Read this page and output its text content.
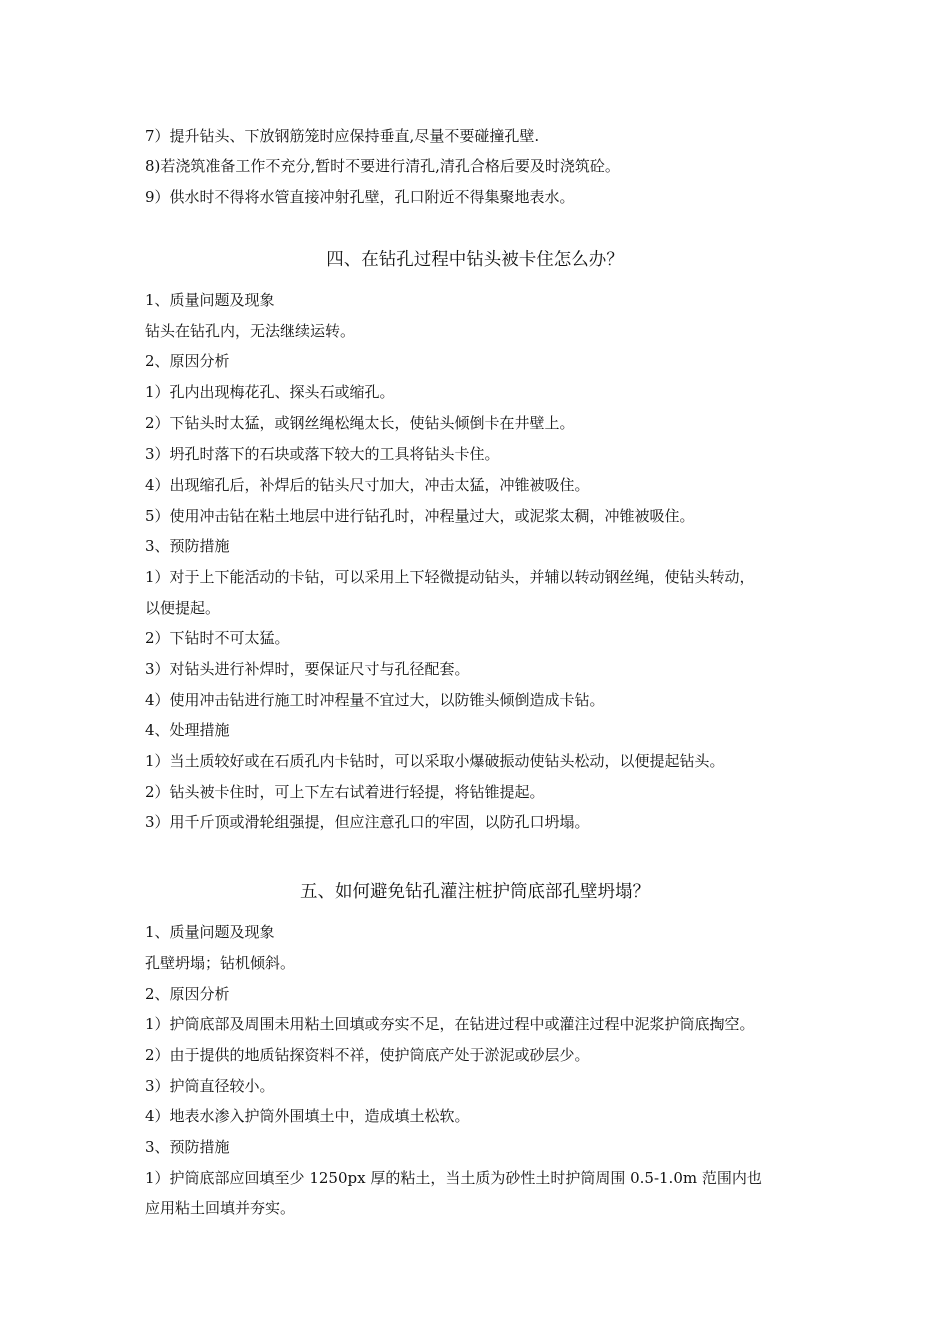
7）提升钻头、下放钢筋笼时应保持垂直,尽量不要碰撞孔壁.
8)若浇筑准备工作不充分,暂时不要进行清孔,清孔合格后要及时浇筑砼。
9）供水时不得将水管直接冲射孔壁，孔口附近不得集聚地表水。
四、在钻孔过程中钻头被卡住怎么办？
1、质量问题及现象
钻头在钻孔内，无法继续运转。
2、原因分析
1）孔内出现梅花孔、探头石或缩孔。
2）下钻头时太猛，或钢丝绳松绳太长，使钻头倾倒卡在井壁上。
3）坍孔时落下的石块或落下较大的工具将钻头卡住。
4）出现缩孔后，补焊后的钻头尺寸加大，冲击太猛，冲锥被吸住。
5）使用冲击钻在粘土地层中进行钻孔时，冲程量过大，或泥浆太稠，冲锥被吸住。
3、预防措施
1）对于上下能活动的卡钻，可以采用上下轻微提动钻头，并辅以转动钢丝绳，使钻头转动，
以便提起。
2）下钻时不可太猛。
3）对钻头进行补焊时，要保证尺寸与孔径配套。
4）使用冲击钻进行施工时冲程量不宜过大，以防锥头倾倒造成卡钻。
4、处理措施
1）当土质较好或在石质孔内卡钻时，可以采取小爆破振动使钻头松动，以便提起钻头。
2）钻头被卡住时，可上下左右试着进行轻提，将钻锥提起。
3）用千斤顶或滑轮组强提，但应注意孔口的牢固，以防孔口坍塌。
五、如何避免钻孔灌注桩护筒底部孔壁坍塌？
1、质量问题及现象
孔壁坍塌；钻机倾斜。
2、原因分析
1）护筒底部及周围未用粘土回填或夯实不足，在钻进过程中或灌注过程中泥浆护筒底掏空。
2）由于提供的地质钻探资料不祥，使护筒底产处于淤泥或砂层少。
3）护筒直径较小。
4）地表水渗入护筒外围填土中，造成填土松软。
3、预防措施
1）护筒底部应回填至少 1250px 厚的粘土，当土质为砂性土时护筒周围 0.5-1.0m 范围内也
应用粘土回填并夯实。
